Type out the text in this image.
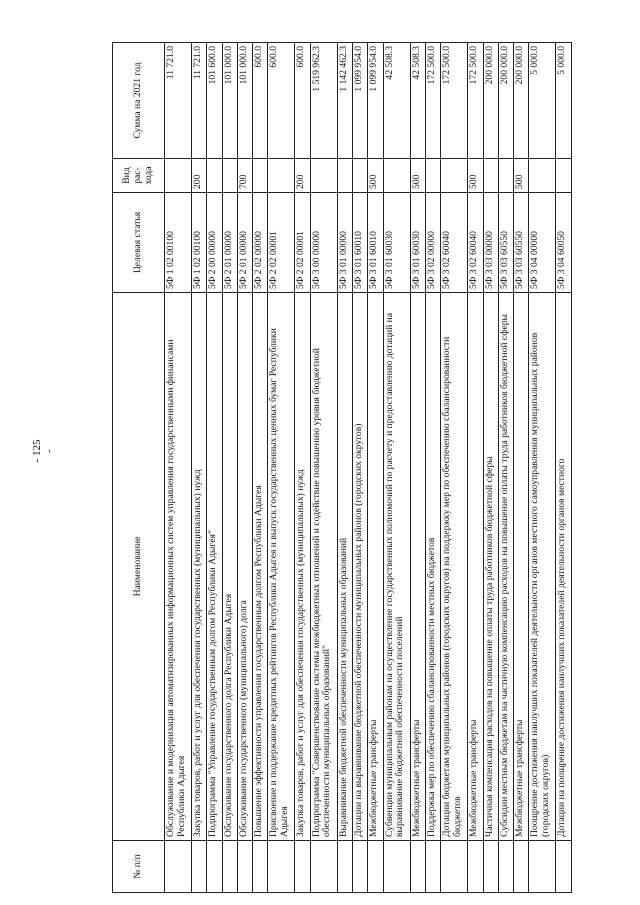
- 125 -
№ п/п	Наименование	Целевая статья	Вид рас- хода	Сумма на 2021 год
	Обслуживание и модернизация автоматизированных информационных систем управления государственными финансами Республики Адыгея	5Ф 1 02 00100		11 721.0
	Закупка товаров, работ и услуг для обеспечения государственных (муниципальных) нужд	5Ф 1 02 00100	200	11 721.0
	Подпрограмма "Управление государственным долгом Республики Адыгея"	5Ф 2 00 00000		101 600.0
	Обслуживание государственного долга Республики Адыгея	5Ф 2 01 00000		101 000.0
	Обслуживание государственного (муниципального) долга	5Ф 2 01 00000	700	101 000.0
	Повышение эффективности управления государственным долгом Республики Адыгея	5Ф 2 02 00000		600.0
	Присвоение и поддержание кредитных рейтингов Республики Адыгея и выпуск государственных ценных бумаг Республики Адыгея	5Ф 2 02 00001		600.0
	Закупка товаров, работ и услуг для обеспечения государственных (муниципальных) нужд	5Ф 2 02 00001	200	600.0
	Подпрограмма "Совершенствование системы межбюджетных отношений и содействие повышению уровня бюджетной обеспеченности муниципальных образований"	5Ф 3 00 00000		1 519 962.3
	Выравнивание бюджетной обеспеченности муниципальных образований	5Ф 3 01 00000		1 142 462.3
	Дотации на выравнивание бюджетной обеспеченности муниципальных районов (городских округов)	5Ф 3 01 60010		1 099 954.0
	Межбюджетные трансферты	5Ф 3 01 60010	500	1 099 954.0
	Субвенции муниципальным районам на осуществление государственных полномочий по расчету и предоставлению дотаций на выравнивание бюджетной обеспеченности поселений	5Ф 3 01 60030		42 508.3
	Межбюджетные трансферты	5Ф 3 01 60030	500	42 508.3
	Поддержка мер по обеспечению сбалансированности местных бюджетов	5Ф 3 02 00000		172 500.0
	Дотации бюджетам муниципальных районов (городских округов) на поддержку мер по обеспечению сбалансированности бюджетов	5Ф 3 02 60040		172 500.0
	Межбюджетные трансферты	5Ф 3 02 60040	500	172 500.0
	Частичная компенсация расходов на повышение оплаты труда работников бюджетной сферы	5Ф 3 03 00000		200 000.0
	Субсидии местным бюджетам на частичную компенсацию расходов на повышение оплаты труда работников бюджетной сферы	5Ф 3 03 60550		200 000.0
	Межбюджетные трансферты	5Ф 3 03 60550	500	200 000.0
	Поощрение достижения наилучших показателей деятельности органов местного самоуправления муниципальных районов (городских округов)	5Ф 3 04 00000		5 000.0
	Дотации на поощрение достижения наилучших показателей деятельности органов местного	5Ф 3 04 60050		5 000.0
